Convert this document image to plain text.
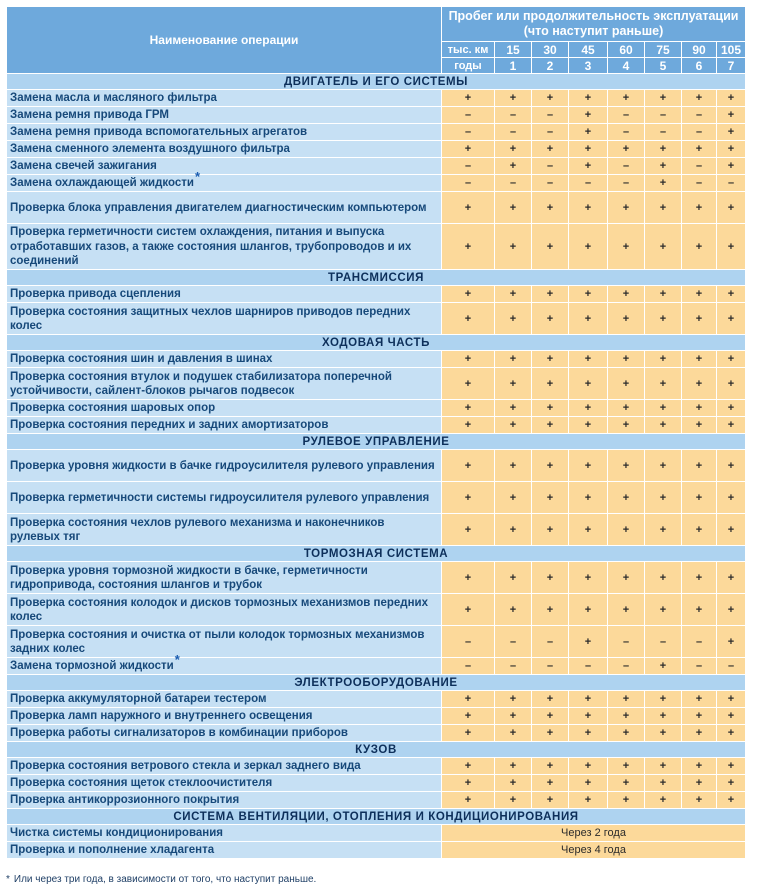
Наименование операции	Пробег или продолжительность эксплуатации
(что наступит раньше)								

	тыс. км	15	30	45	60	75	90	105	120
	годы	1	2	3	4	5	6	7	8
ДВИГАТЕЛЬ И ЕГО СИСТЕМЫ									
Замена масла и масляного фильтра	+	+	+	+	+	+	+	+	
Замена ремня привода ГРМ	–	–	–	+	–	–	–	+	
Замена ремня привода вспомогательных агрегатов	–	–	–	+	–	–	–	+	
Замена сменного элемента воздушного фильтра	+	+	+	+	+	+	+	+	
Замена свечей зажигания	–	+	–	+	–	+	–	+	
Замена охлаждающей жидкости*	–	–	–	–	–	+	–	–	
Проверка блока управления двигателем диагностическим компьютером	+	+	+	+	+	+	+	+	
Проверка герметичности систем охлаждения, питания и выпуска отработавших газов, а также состояния шлангов, трубопроводов и их соединений	+	+	+	+	+	+	+	+	
ТРАНСМИССИЯ									
Проверка привода сцепления	+	+	+	+	+	+	+	+	
Проверка состояния защитных чехлов шарниров приводов передних колес	+	+	+	+	+	+	+	+	
ХОДОВАЯ ЧАСТЬ									
Проверка состояния шин и давления в шинах	+	+	+	+	+	+	+	+	
Проверка состояния втулок и подушек стабилизатора поперечной устойчивости, сайлент-блоков рычагов подвесок	+	+	+	+	+	+	+	+	
Проверка состояния шаровых опор	+	+	+	+	+	+	+	+	
Проверка состояния передних и задних амортизаторов	+	+	+	+	+	+	+	+	
РУЛЕВОЕ УПРАВЛЕНИЕ									
Проверка уровня жидкости в бачке гидроусилителя рулевого управления	+	+	+	+	+	+	+	+	
Проверка герметичности системы гидроусилителя рулевого управления	+	+	+	+	+	+	+	+	
Проверка состояния чехлов рулевого механизма и наконечников рулевых тяг	+	+	+	+	+	+	+	+	
ТОРМОЗНАЯ СИСТЕМА									
Проверка уровня тормозной жидкости в бачке, герметичности гидропривода, состояния шлангов и трубок	+	+	+	+	+	+	+	+	
Проверка состояния колодок и дисков тормозных механизмов передних колес	+	+	+	+	+	+	+	+	
Проверка состояния и очистка от пыли колодок тормозных механизмов задних колес	–	–	–	+	–	–	–	+	
Замена тормозной жидкости*	–	–	–	–	–	+	–	–	
ЭЛЕКТРООБОРУДОВАНИЕ									
Проверка аккумуляторной батареи тестером	+	+	+	+	+	+	+	+	
Проверка ламп наружного и внутреннего освещения	+	+	+	+	+	+	+	+	
Проверка работы сигнализаторов в комбинации приборов	+	+	+	+	+	+	+	+	
КУЗОВ									
Проверка состояния ветрового стекла и зеркал заднего вида	+	+	+	+	+	+	+	+	
Проверка состояния щеток стеклоочистителя	+	+	+	+	+	+	+	+	
Проверка антикоррозионного покрытия	+	+	+	+	+	+	+	+	
СИСТЕМА ВЕНТИЛЯЦИИ, ОТОПЛЕНИЯ И КОНДИЦИОНИРОВАНИЯ									
Чистка системы кондиционирования	Через 2 года								
Проверка и пополнение хладагента	Через 4 года								
* Или через три года, в зависимости от того, что наступит раньше.
